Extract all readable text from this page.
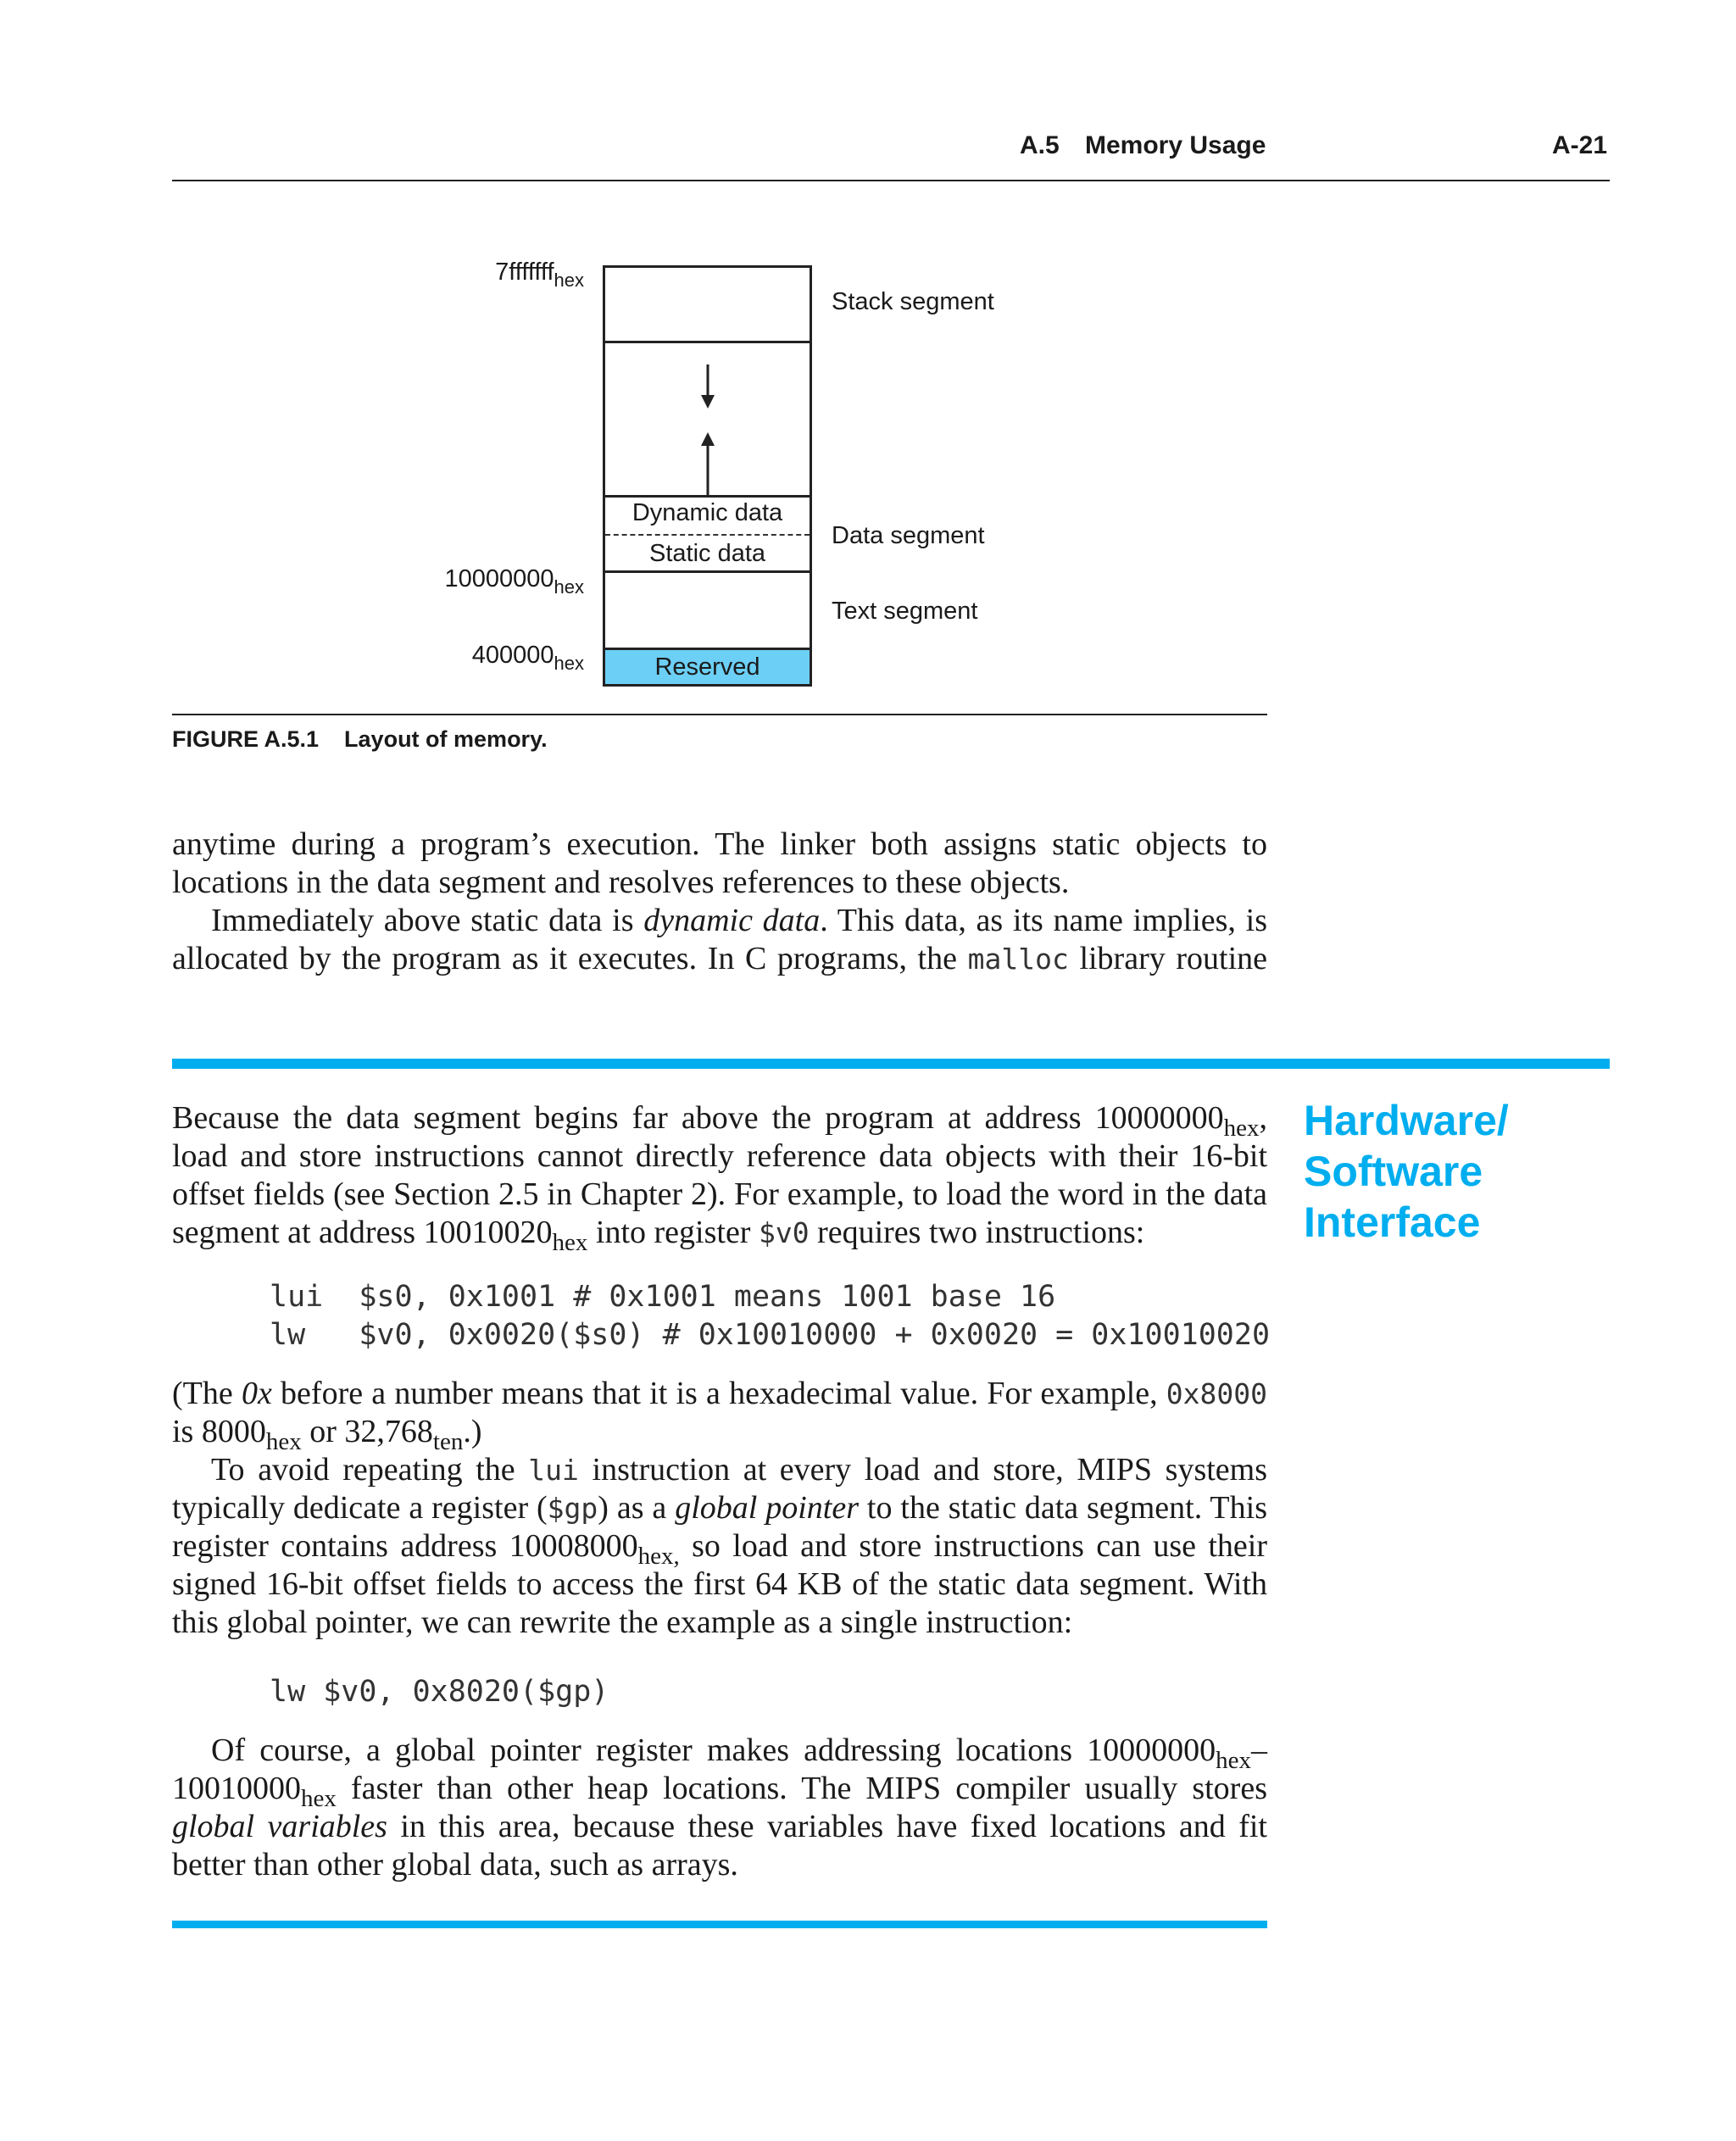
A.5 Memory Usage	A-21
Dynamic data
Static data
Reserved
Stack segment
Data segment
Text segment
7fffffff$_{hex}$
$10000000_{hex}$
$400000_{hex}$
FIGURE A.5.1 Layout of memory.
anytime during a program’s execution. The linker both assigns static objects to
locations in the data segment and resolves references to these objects.
Immediately above static data is dynamic data. This data, as its name implies, is allocated by the program as it executes. In C programs, the malloc library routine
Hardware/
Software
Interface
Because the data segment begins far above the program at address $10000000_{hex}$, load and store instructions cannot directly reference data objects with their 16-bit offset fields (see Section 2.5 in Chapter 2). For example, to load the word in the data segment at address $10010020_{hex}$ into register $v0 requires two instructions:
lui  $s0, 0x1001 # 0x1001 means 1001 base 16
lw   $v0, 0x0020($s0) # 0x10010000 + 0x0020 = 0x10010020
(The 0x before a number means that it is a hexadecimal value. For example, 0x8000 is $8000_{hex}$ or $32,768_{ten}$.)
To avoid repeating the lui instruction at every load and store, MIPS systems typically dedicate a register ($gp) as a global pointer to the static data segment. This register contains address $10008000_{hex,}$ so load and store instructions can use their signed 16-bit offset fields to access the first 64 KB of the static data segment. With this global pointer, we can rewrite the example as a single instruction:
lw $v0, 0x8020($gp)
Of course, a global pointer register makes addressing locations $10000000_{hex}-$ $10010000_{hex}$ faster than other heap locations. The MIPS compiler usually stores global variables in this area, because these variables have fixed locations and fit better than other global data, such as arrays.
